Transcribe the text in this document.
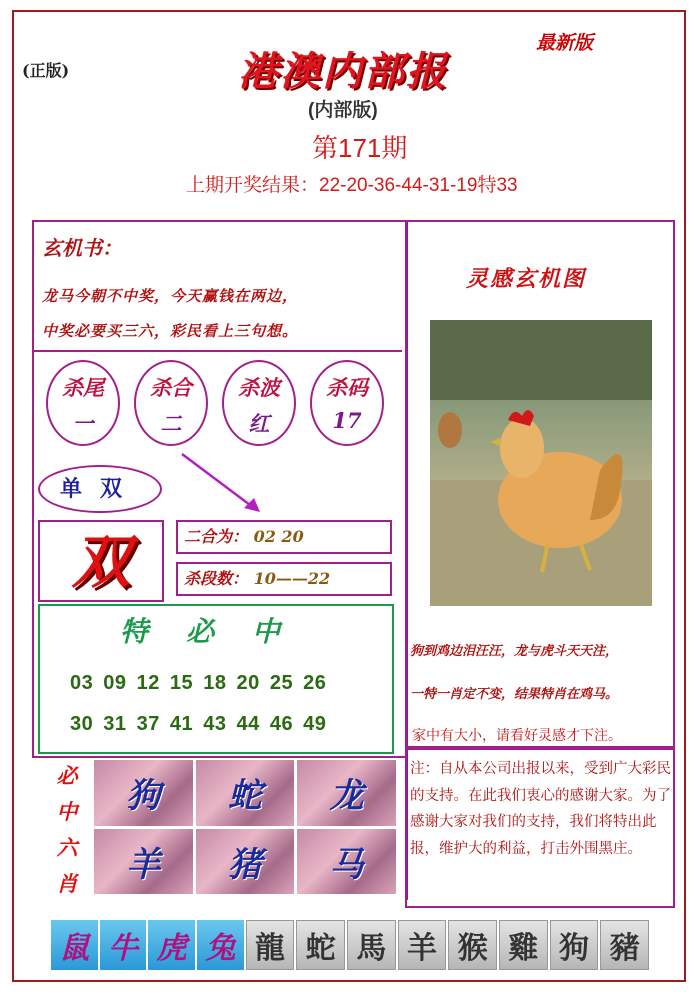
(正版)
最新版
港澳内部报
(内部版)
第171期
上期开奖结果：22-20-36-44-31-19特33
玄机书：
龙马今朝不中奖，今天赢钱在两边，
中奖必要买三六，彩民看上三句想。
杀尾
一
杀合
二
杀波
红
杀码
17
单双
双	二合为： 02 20
杀段数： 10——22
特必中
03 09 12 15 18 20 25 26
30 31 37 41 43 44 46 49
必
中
六
肖
狗	蛇	龙
羊	猪	马
灵感玄机图
狗到鸡边泪汪汪，龙与虎斗天天注，
一特一肖定不变，结果特肖在鸡马。
家中有大小，请看好灵感才下注。
注：自从本公司出报以来，受到广大彩民的支持。在此我们衷心的感谢大家。为了感谢大家对我们的支持，我们将特出此报，维护大的利益，打击外围黑庄。
鼠 牛 虎 兔 龍 蛇 馬 羊 猴 雞 狗 豬
